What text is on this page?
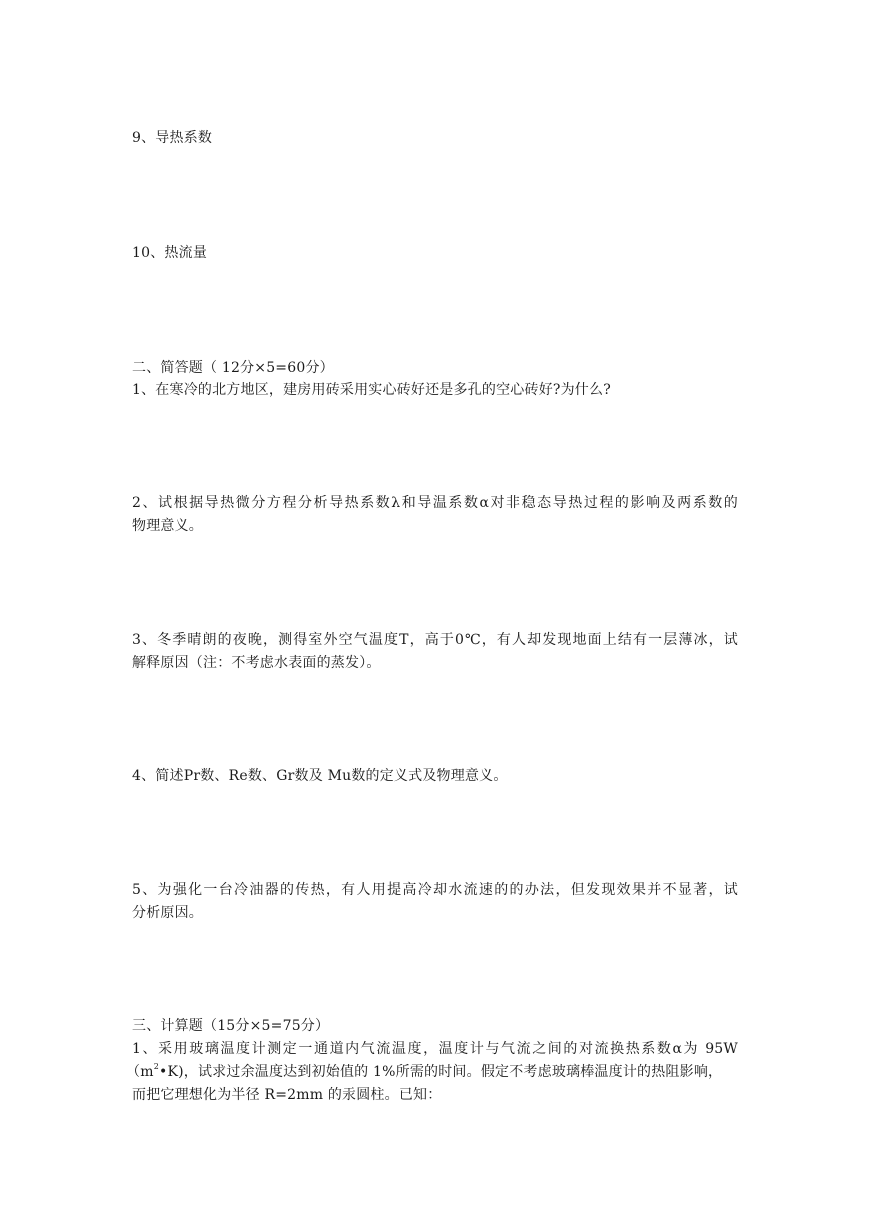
9、导热系数
10、热流量
二、简答题（ 12分×5=60分）
1、在寒冷的北方地区，建房用砖采用实心砖好还是多孔的空心砖好?为什么?
2、试根据导热微分方程分析导热系数λ和导温系数α对非稳态导热过程的影响及两系数的
物理意义。
3、冬季晴朗的夜晚，测得室外空气温度T，高于0℃，有人却发现地面上结有一层薄冰，试
解释原因（注：不考虑水表面的蒸发）。
4、简述Pr数、Re数、Gr数及 Mu数的定义式及物理意义。
5、为强化一台冷油器的传热，有人用提高冷却水流速的的办法，但发现效果并不显著，试
分析原因。
三、计算题（15分×5=75分）
1、采用玻璃温度计测定一通道内气流温度，温度计与气流之间的对流换热系数α为 95W
$(m^2•K)$，试求过余温度达到初始值的 1%所需的时间。假定不考虑玻璃棒温度计的热阻影响，
而把它理想化为半径 R=2mm 的汞圆柱。已知：
